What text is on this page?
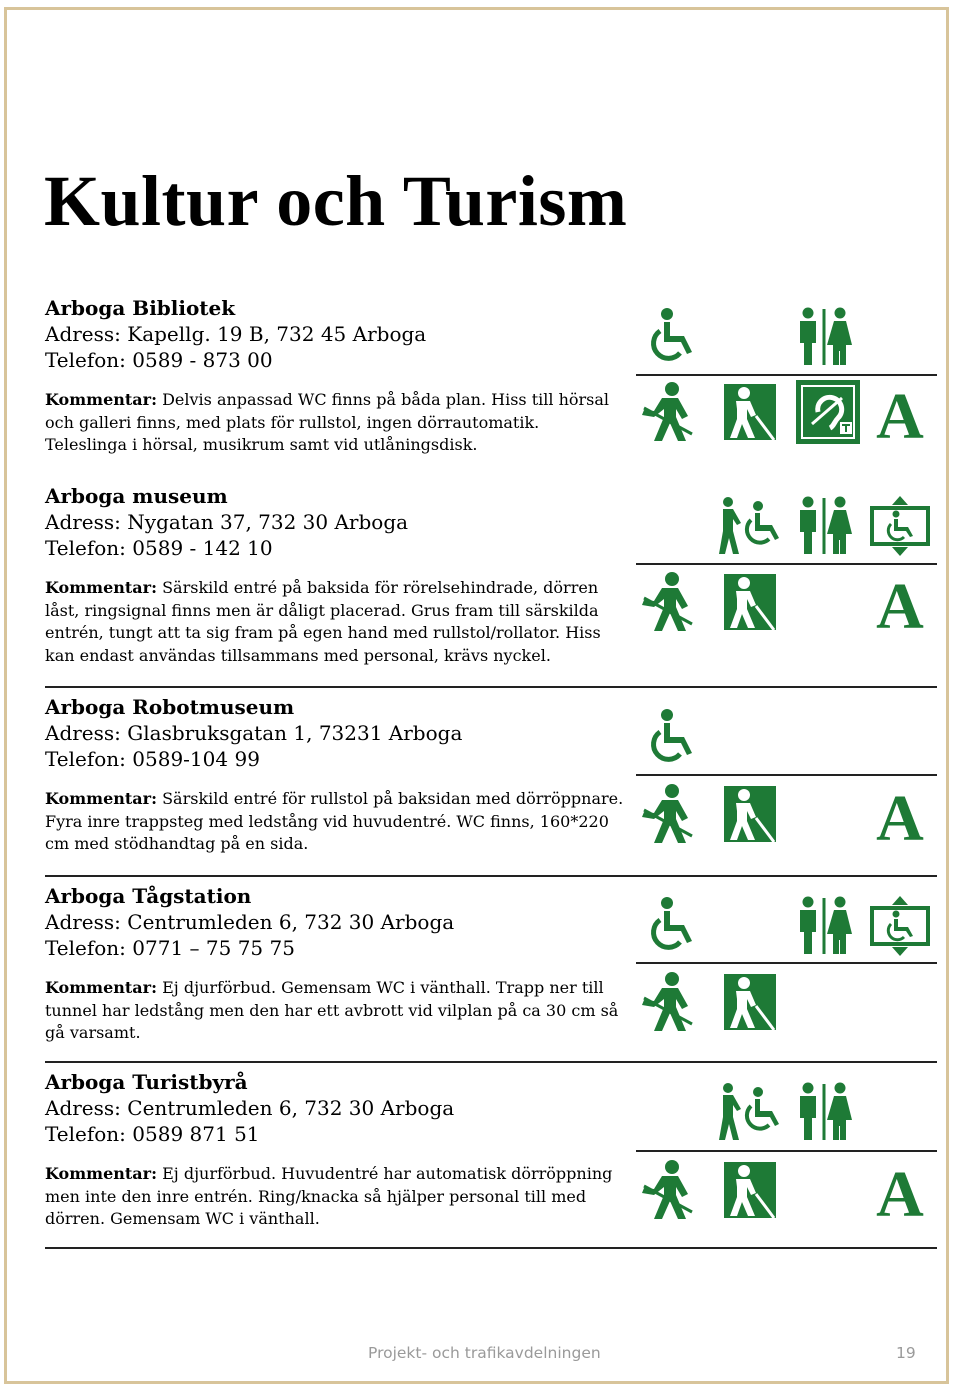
Kultur och Turism
Arboga Bibliotek
Adress: Kapellg. 19 B, 732 45 Arboga
Telefon: 0589 - 873 00
Kommentar: Delvis anpassad WC finns på båda plan. Hiss till hörsal och galleri finns, med plats för rullstol, ingen dörrautomatik. Teleslinga i hörsal, musikrum samt vid utlåningsdisk.
Arboga museum
Adress: Nygatan 37, 732 30 Arboga
Telefon: 0589 - 142 10
Kommentar: Särskild entré på baksida för rörelsehindrade, dörren låst, ringsignal finns men är dåligt placerad. Grus fram till särskilda entrén, tungt att ta sig fram på egen hand med rullstol/rollator. Hiss kan endast användas tillsammans med personal, krävs nyckel.
Arboga Robotmuseum
Adress: Glasbruksgatan 1, 73231 Arboga
Telefon: 0589-104 99
Kommentar: Särskild entré för rullstol på baksidan med dörröppnare. Fyra inre trappsteg med ledstång vid huvudentré. WC finns, 160*220 cm med stödhandtag på en sida.
Arboga Tågstation
Adress: Centrumleden 6, 732 30 Arboga
Telefon: 0771 – 75 75 75
Kommentar: Ej djurförbud. Gemensam WC i vänthall. Trapp ner till tunnel har ledstång men den har ett avbrott vid vilplan på ca 30 cm så gå varsamt.
Arboga Turistbyrå
Adress: Centrumleden 6, 732 30 Arboga
Telefon: 0589 871 51
Kommentar: Ej djurförbud. Huvudentré har automatisk dörröppning men inte den inre entrén. Ring/knacka så hjälper personal till med dörren. Gemensam WC i vänthall.
Projekt- och trafikavdelningen	19
